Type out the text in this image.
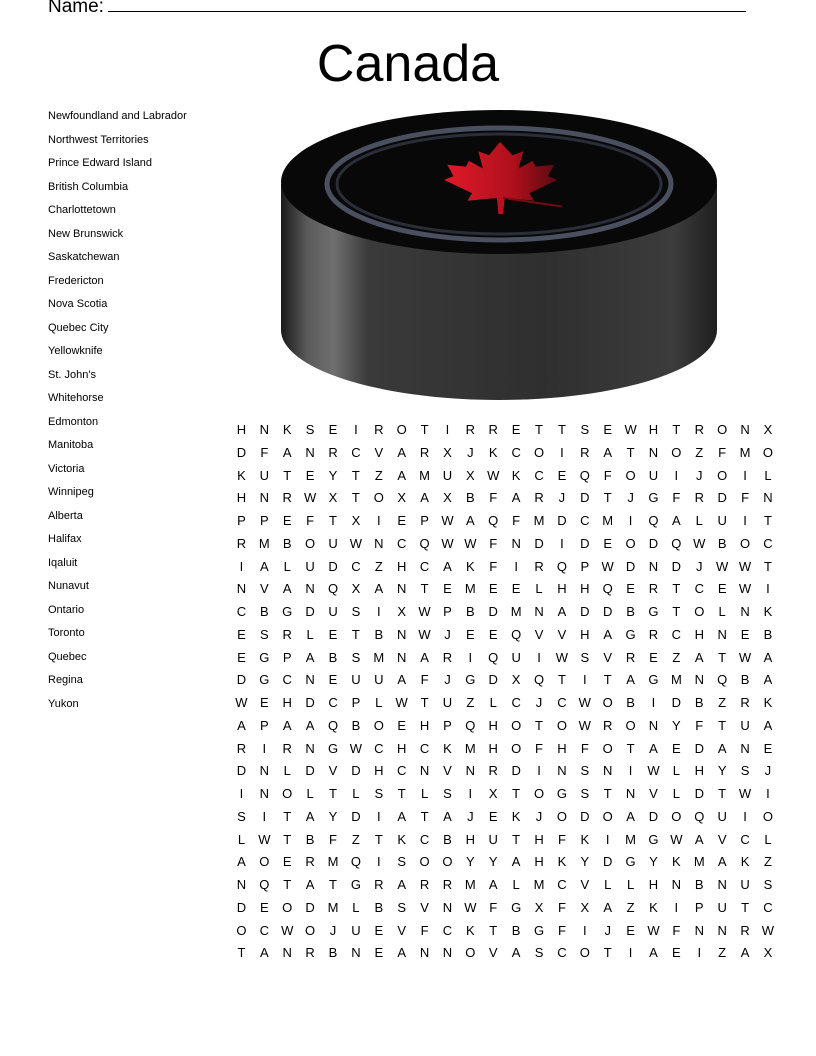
Name:
Canada
Newfoundland and Labrador
Northwest Territories
Prince Edward Island
British Columbia
Charlottetown
New Brunswick
Saskatchewan
Fredericton
Nova Scotia
Quebec City
Yellowknife
St. John's
Whitehorse
Edmonton
Manitoba
Victoria
Winnipeg
Alberta
Halifax
Iqaluit
Nunavut
Ontario
Toronto
Quebec
Regina
Yukon
H	N	K	S	E	I	R	O	T	I	R	R	E	T	T	S	E W H	T	R	O	N	X
D	F	A	N	R	C	V	A	R	X	J	K	C	O	I	R	A	T	N	O	Z	F	M O
K	U	T	E	Y	T	Z	A	M U	X W K	C	E	Q	F	O	U	I	J	O	I	L
H	N	R W X	T	O	X	A	X	B	F	A	R	J	D	T	J	G	F	R	D	F	N
P	P	E	F	T	X	I	E	P W A	Q	F	M D	C M	I	Q	A	L	U	I	T
R M	B	O	U W N	C	Q W W F	N	D	I	D	E	O	D	Q W B	O	C
I	A	L	U	D	C	Z	H	C	A	K	F	I	R	Q	P W D	N	D	J	W W T
N	V	A	N	Q	X	A	N	T	E	M	E	E	L	H	H	Q	E	R	T	C	E W	I
C	B	G	D	U	S	I	X W P	B	D M N	A	D	D	B	G	T	O	L	N	K
E	S	R	L	E	T	B	N W	J	E	E	Q	V	V	H	A	G	R	C	H	N	E	B
E	G	P	A	B	S	M N	A	R	I	Q	U	I	W S	V	R	E	Z	A	T W A
D	G	C	N	E	U	U	A	F	J	G	D	X	Q	T	I	T	A	G M N	Q	B	A
W E	H	D	C	P	L	W T	U	Z	L	C	J	C W O	B	I	D	B	Z	R	K
A	P	A	A	Q	B	O	E	H	P	Q	H	O	T	O W R	O	N	Y	F	T	U	A
R	I	R	N	G W C	H	C	K	M H	O	F	H	F	O	T	A	E	D	A	N	E
D	N	L	D	V	D	H	C	N	V	N	R	D	I	N	S	N	I	W	L	H	Y	S	J
I	N	O	L	T	L	S	T	L	S	I	X	T	O G	S	T	N	V	L	D	T W	I
S	I	T	A	Y	D	I	A	T	A	J	E	K	J	O	D	O	A	D	O Q	U	I	O
L	W T	B	F	Z	T	K	C	B	H	U	T	H	F	K	I	M G W A	V	C	L
A	O	E	R M Q	I	S	O O	Y	Y	A	H	K	Y	D	G	Y	K	M	A	K	Z
N	Q	T	A	T	G	R	A	R	R M	A	L	M C	V	L	L	H	N	B	N	U	S
D	E	O	D M	L	B	S	V	N W F	G	X	F	X	A	Z	K	I	P	U	T	C
O	C W O	J	U	E	V	F	C	K	T	B	G	F	I	J	E W F	N	N	R W
T	A	N	R	B	N	E	A	N	N	O	V	A	S	C	O	T	I	A	E	I	Z	A	X
